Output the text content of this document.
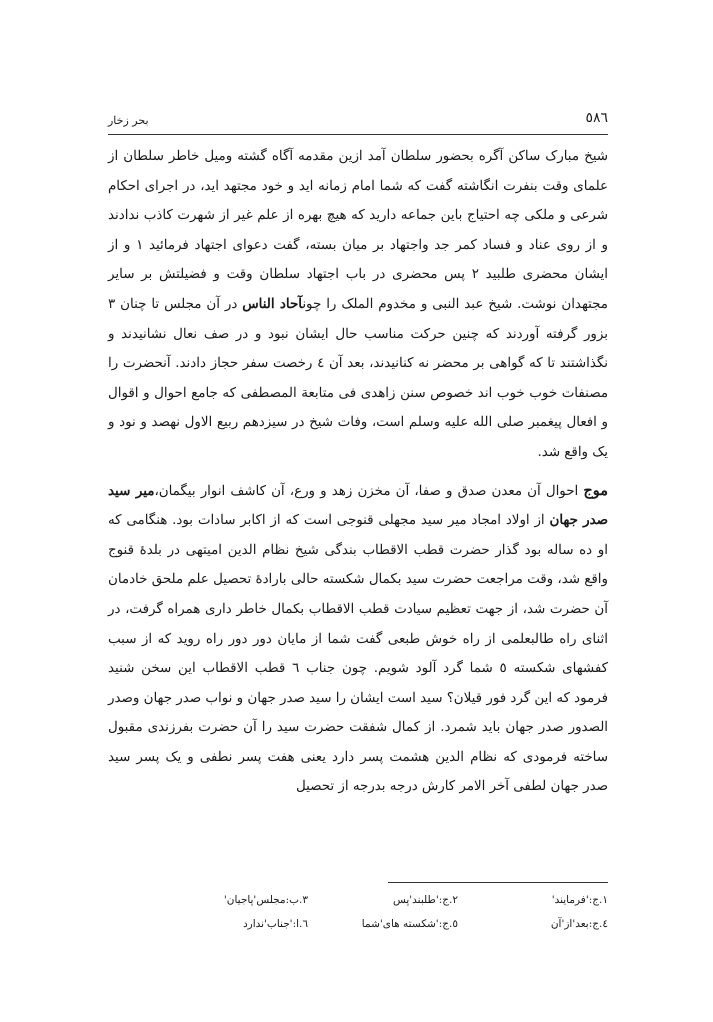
بحر زخار	٥٨٦

شیخ مبارک ساکن آگره بحضور سلطان آمد ازین مقدمه آگاه گشته ومیل خاطر سلطان از علمای وقت بنفرت انگاشته گفت که شما امام زمانه اید و خود مجتهد اید، در اجرای احکام شرعی و ملکی چه احتیاج باین جماعه دارید که هیچ بهره از علم غیر از شهرت کاذب ندادند و از روی عناد و فساد کمر جد واجتهاد بر میان بسته، گفت دعوای اجتهاد فرمائید ١ و از ایشان محضری طلبید ٢ پس محضری در باب اجتهاد سلطان وقت و فضیلتش بر سایر مجتهدان نوشت. شیخ عبد النبی و مخدوم الملک را چونآحاد الناس در آن مجلس تا چنان ٣ بزور گرفته آوردند که چنین حرکت مناسب حال ایشان نبود و در صف نعال نشانیدند و نگذاشتند تا که گواهی بر محضر نه کنانیدند، بعد آن ٤ رخصت سفر حجاز دادند. آنحضرت را مصنفات خوب خوب اند خصوص سنن زاهدی فی متابعة المصطفی که جامع احوال و اقوال و افعال پیغمبر صلی الله علیه وسلم است، وفات شیخ در سیزدهم ربیع الاول نهصد و نود و یک واقع شد.

موج احوال آن معدن صدق و صفا، آن مخزن زهد و ورع، آن کاشف انوار بیگمان،میر سید صدر جهان از اولاد امجاد میر سید مجهلی قنوجی است که از اکابر سادات بود. هنگامی که او ده ساله بود گذار حضرت قطب الاقطاب بندگی شیخ نظام الدین امیتهی در بلدهٔ قنوج واقع شد، وقت مراجعت حضرت سید بکمال شکسته حالی بارادهٔ تحصیل علم ملحق خادمان آن حضرت شد، از جهت تعظیم سیادت قطب الاقطاب بکمال خاطر داری همراه گرفت، در اثنای راه طالبعلمی از راه خوش طبعی گفت شما از مایان دور دور راه روید که از سبب کفشهای شکسته ٥ شما گرد آلود شویم. چون جناب ٦ قطب الاقطاب این سخن شنید فرمود که این گرد فور قیلان؟ سید است ایشان را سید صدر جهان و نواب صدر جهان وصدر الصدور صدر جهان باید شمرد. از کمال شفقت حضرت سید را آن حضرت بفرزندی مقبول ساخته فرمودی که نظام الدین هشمت پسر دارد یعنی هفت پسر نطفی و یک پسر سید صدر جهان لطفی آخر الامر کارش درجه بدرجه از تحصیل

١.ج:'فرمایند'
٢.ج:'طلبند'پس
٣.ب:مجلس'پاجیان'
٤.ج:بعد'از'آن
٥.ج:'شکسته های'شما
٦.ا:'جناب'ندارد
